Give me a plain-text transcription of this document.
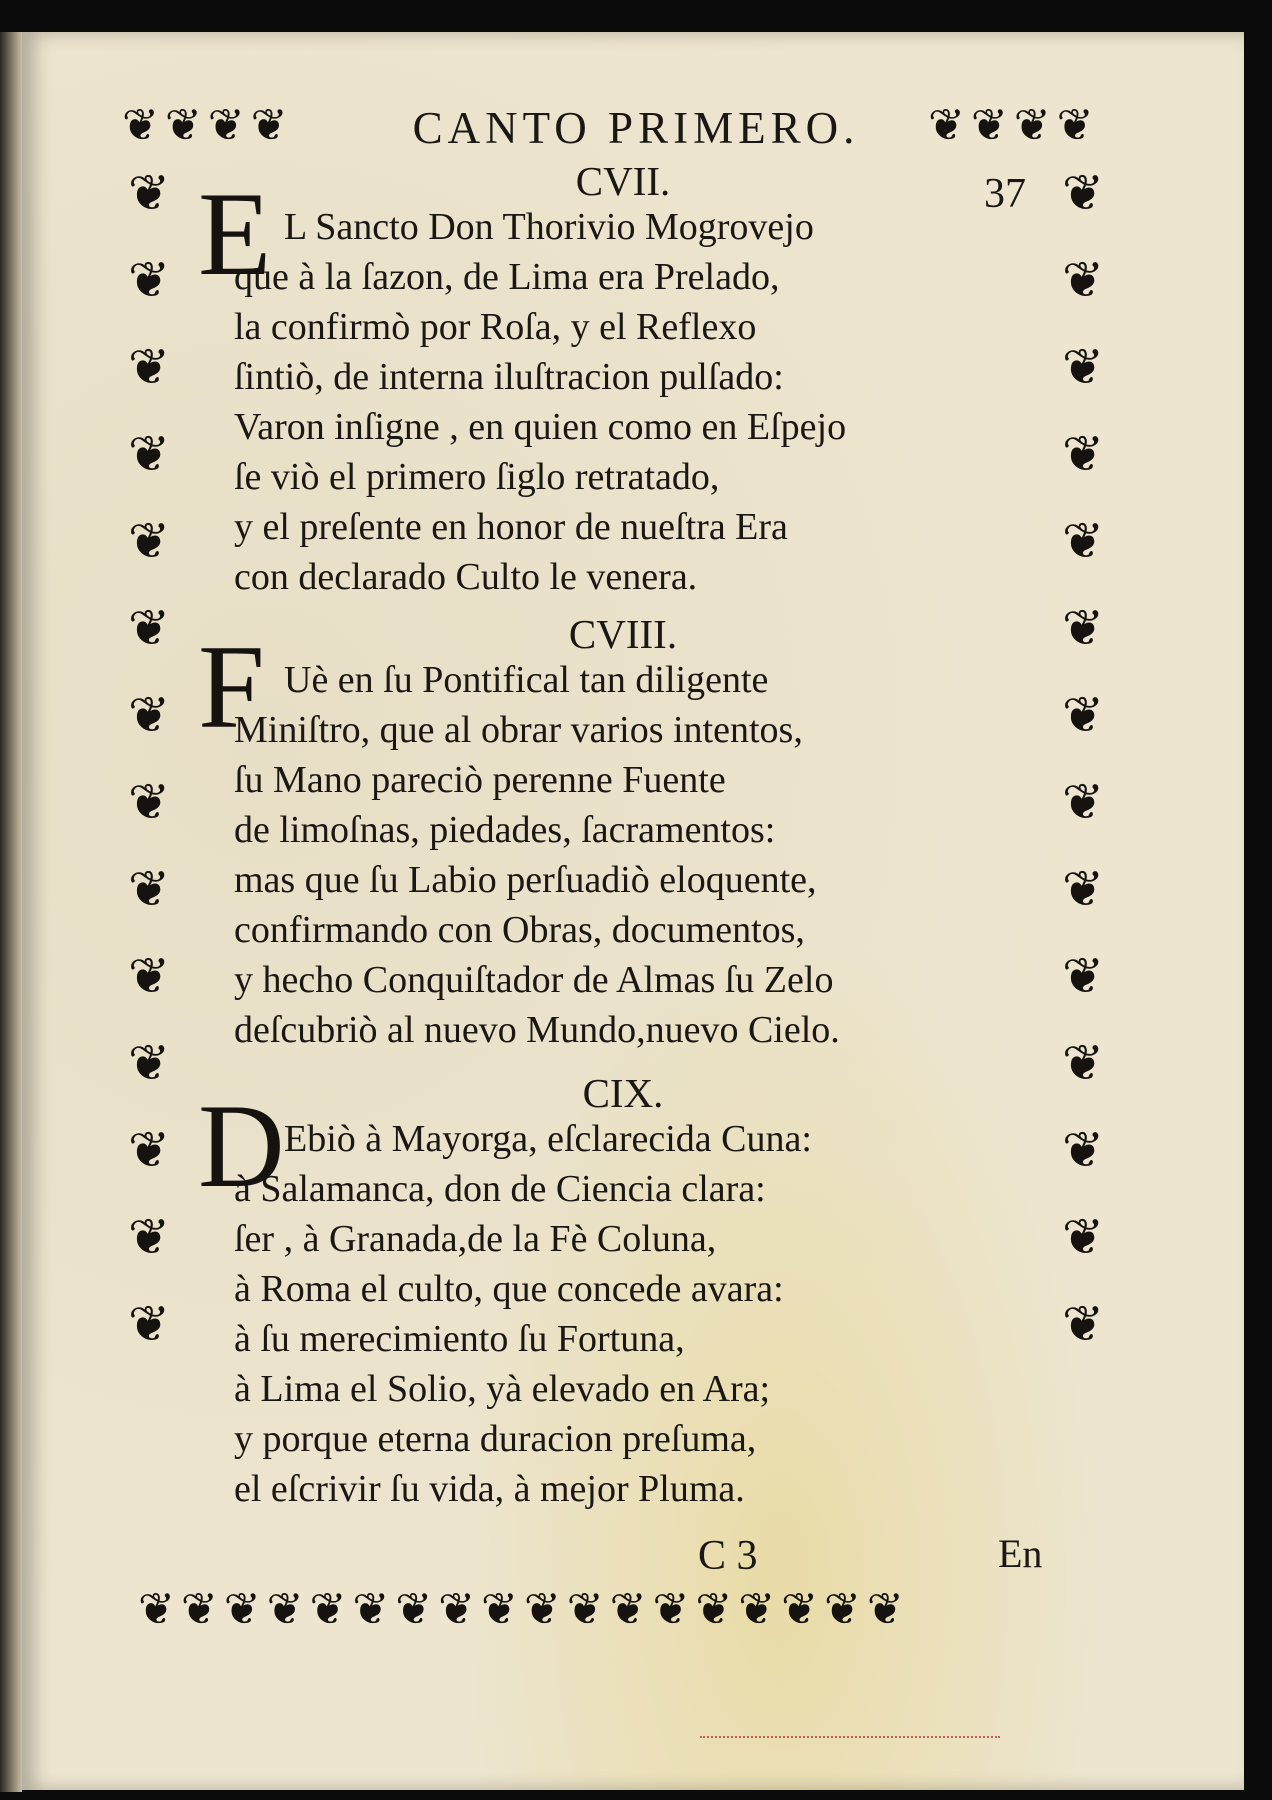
❦ ❦ ❦ ❦	❦ ❦ ❦ ❦
CANTO PRIMERO.
37
❦
❦
❦
❦
❦
❦
❦
❦
❦
❦
❦
❦
❦
❦
❦
❦
❦
❦
❦
❦
❦
❦
❦
❦
❦
❦
❦
❦
CVII.
E L Sancto Don Thorivio Mogrovejo
que à la ſazon, de Lima era Prelado,
la confirmò por Roſa, y el Reflexo
ſintiò, de interna iluſtracion pulſado:
Varon inſigne , en quien como en Eſpejo
ſe viò el primero ſiglo retratado,
y el preſente en honor de nueſtra Era
con declarado Culto le venera.
CVIII.
F Uè en ſu Pontifical tan diligente
Miniſtro, que al obrar varios intentos,
ſu Mano pareciò perenne Fuente
de limoſnas, piedades, ſacramentos:
mas que ſu Labio perſuadiò eloquente,
confirmando con Obras, documentos,
y hecho Conquiſtador de Almas ſu Zelo
deſcubriò al nuevo Mundo,nuevo Cielo.
CIX.
D Ebiò à Mayorga, eſclarecida Cuna:
à Salamanca, don de Ciencia clara:
ſer , à Granada,de la Fè Coluna,
à Roma el culto, que concede avara:
à ſu merecimiento ſu Fortuna,
à Lima el Solio, yà elevado en Ara;
y porque eterna duracion preſuma,
el eſcrivir ſu vida, à mejor Pluma.
C 3	En
❦ ❦ ❦ ❦ ❦ ❦ ❦ ❦ ❦ ❦ ❦ ❦ ❦ ❦ ❦ ❦ ❦ ❦
